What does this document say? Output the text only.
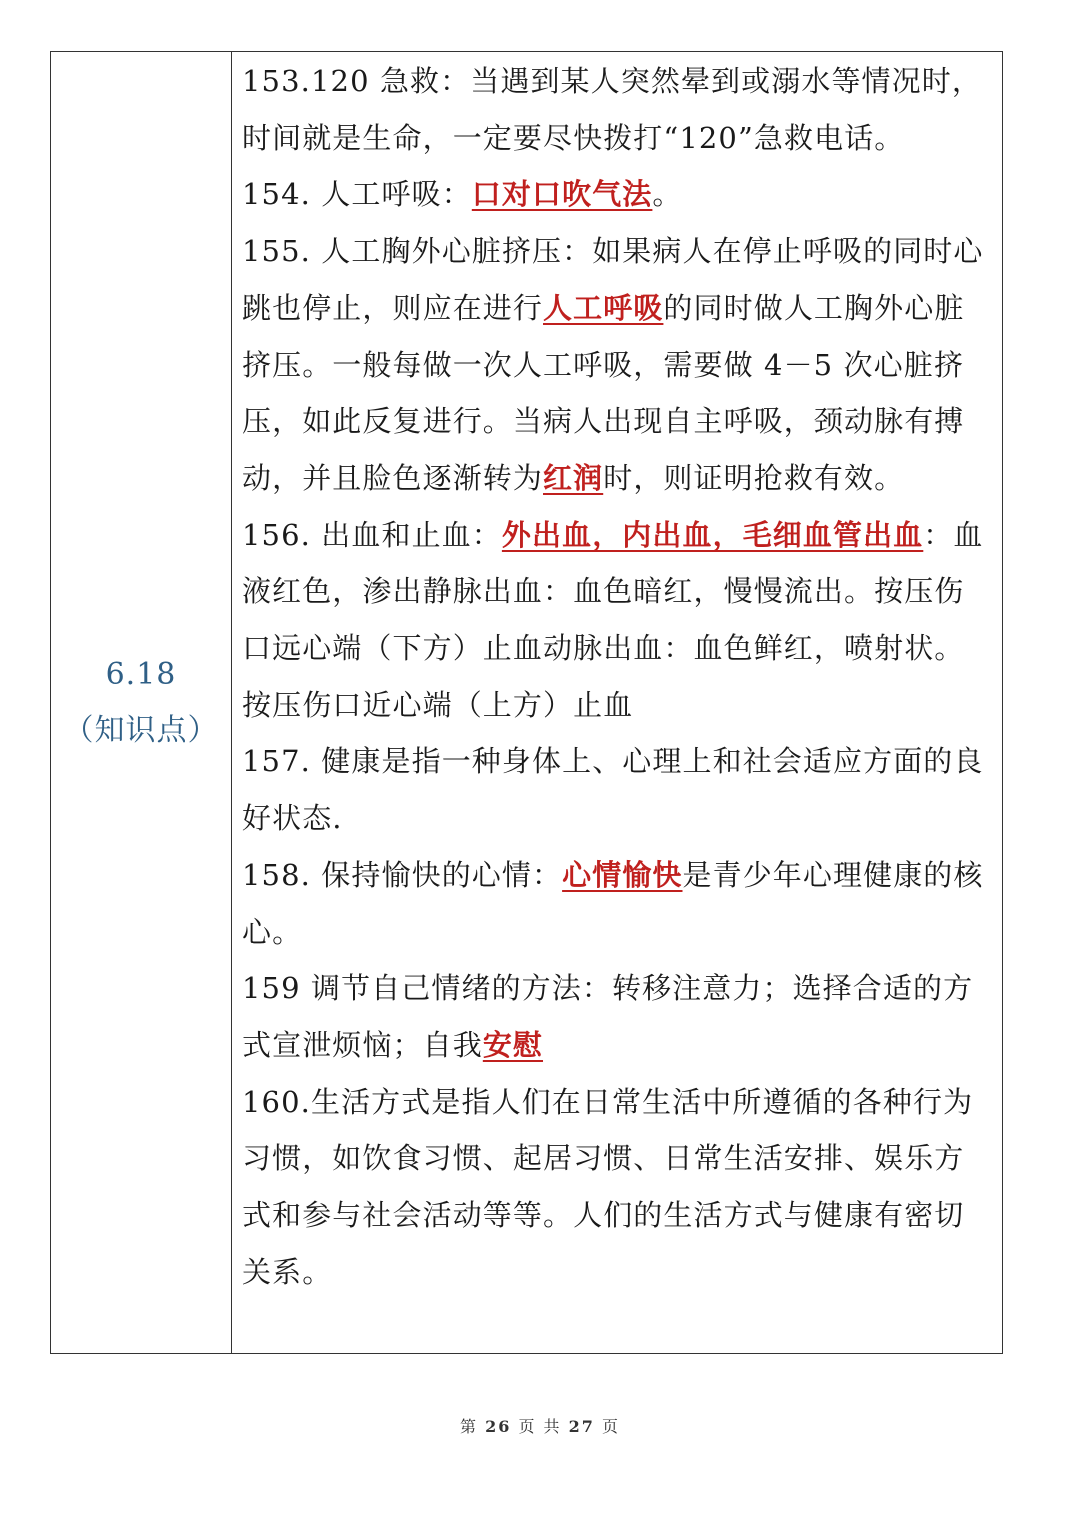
6.18
（知识点）

153.120 急救：当遇到某人突然晕到或溺水等情况时，时间就是生命，一定要尽快拨打“120”急救电话。

154. 人工呼吸：口对口吹气法。

155. 人工胸外心脏挤压：如果病人在停止呼吸的同时心跳也停止，则应在进行人工呼吸的同时做人工胸外心脏挤压。一般每做一次人工呼吸，需要做 4－5 次心脏挤压，如此反复进行。当病人出现自主呼吸，颈动脉有搏动，并且脸色逐渐转为红润时，则证明抢救有效。

156. 出血和止血：外出血，内出血，毛细血管出血：血液红色，渗出静脉出血：血色暗红，慢慢流出。按压伤口远心端（下方）止血动脉出血：血色鲜红，喷射状。按压伤口近心端（上方）止血

157. 健康是指一种身体上、心理上和社会适应方面的良好状态.

158. 保持愉快的心情：心情愉快是青少年心理健康的核心。

159 调节自己情绪的方法：转移注意力；选择合适的方式宣泄烦恼；自我安慰

160.生活方式是指人们在日常生活中所遵循的各种行为习惯，如饮食习惯、起居习惯、日常生活安排、娱乐方式和参与社会活动等等。人们的生活方式与健康有密切关系。

第 26 页 共 27 页
